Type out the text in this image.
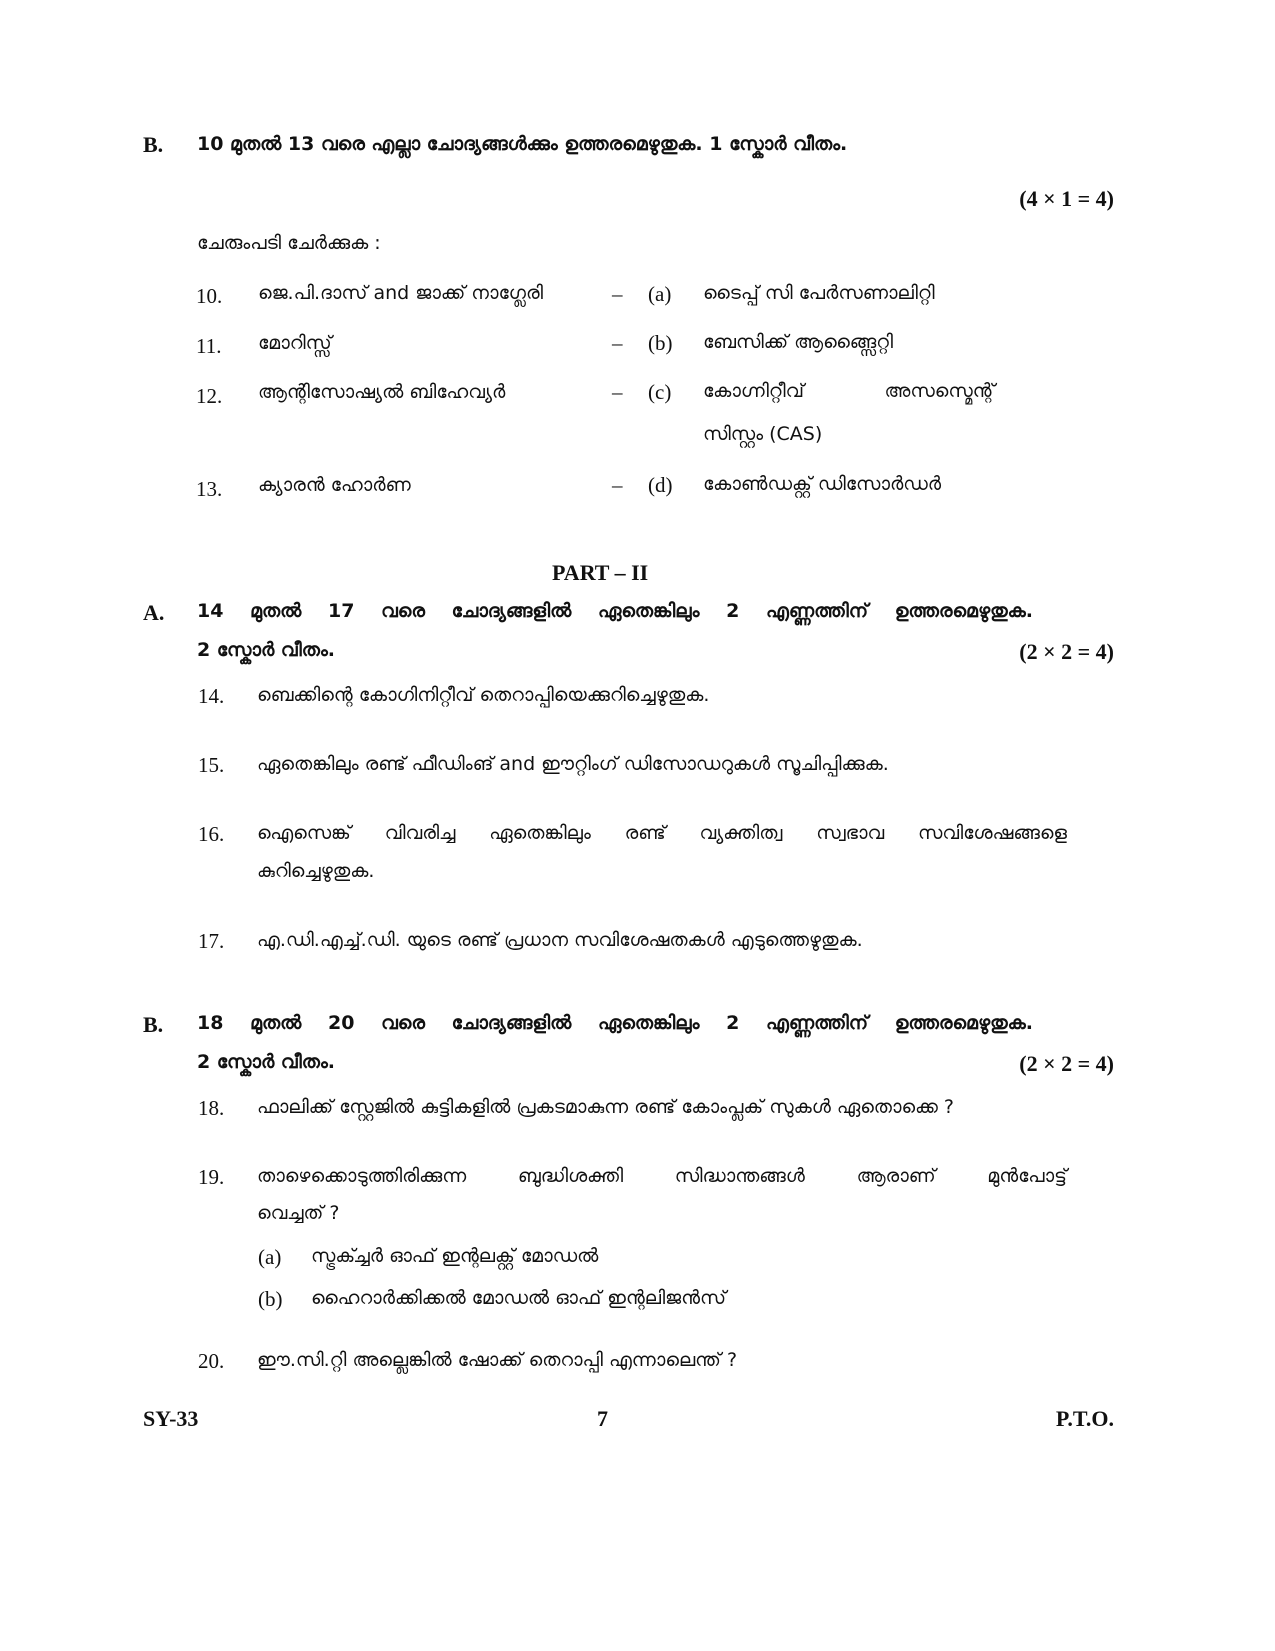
B. 10 മുതൽ 13 വരെ എല്ലാ ചോദ്യങ്ങൾക്കും ഉത്തരമെഴുതുക. 1 സ്കോർ വീതം.
(4 × 1 = 4)
ചേരുംപടി ചേർക്കുക :
10. ജെ.പി.ദാസ് and ജാക്ക് നാഗ്ലേരി	– (a) ടൈപ്പ് സി പേർസണാലിറ്റി
11. മോറിസ്സ്	– (b) ബേസിക്ക് ആങ്ങ്സൈറ്റി
12. ആന്റിസോഷ്യൽ ബിഹേവ്യർ	– (c) കോഗ്നിറ്റീവ് അസസ്മെന്റ്
സിസ്റ്റം (CAS)
13. ക്യാരൻ ഹോർണ	– (d) കോൺഡക്റ്റ് ഡിസോർഡർ
PART – II
A. 14 മുതൽ 17 വരെ ചോദ്യങ്ങളിൽ ഏതെങ്കിലും 2 എണ്ണത്തിന് ഉത്തരമെഴുതുക.
2 സ്കോർ വീതം.	(2 × 2 = 4)
14. ബെക്കിന്റെ കോഗിനിറ്റീവ് തെറാപ്പിയെക്കുറിച്ചെഴുതുക.
15. ഏതെങ്കിലും രണ്ട് ഫീഡിംങ് and ഈറ്റിംഗ് ഡിസോഡറുകൾ സൂചിപ്പിക്കുക.
16. ഐസെങ്ക് വിവരിച്ച ഏതെങ്കിലും രണ്ട് വ്യക്തിത്വ സ്വഭാവ സവിശേഷങ്ങളെ
കുറിച്ചെഴുതുക.
17. എ.ഡി.എച്ച്.ഡി. യുടെ രണ്ട് പ്രധാന സവിശേഷതകൾ എടുത്തെഴുതുക.
B. 18 മുതൽ 20 വരെ ചോദ്യങ്ങളിൽ ഏതെങ്കിലും 2 എണ്ണത്തിന് ഉത്തരമെഴുതുക.
2 സ്കോർ വീതം.	(2 × 2 = 4)
18. ഫാലിക്ക് സ്റ്റേജിൽ കുട്ടികളിൽ പ്രകടമാകുന്ന രണ്ട് കോംപ്ലക് സുകൾ ഏതൊക്കെ ?
19. താഴെക്കൊടുത്തിരിക്കുന്ന ബുദ്ധിശക്തി സിദ്ധാന്തങ്ങൾ ആരാണ് മുൻപോട്ട്
വെച്ചത് ?
(a) സ്ട്രക്ച്ചർ ഓഫ് ഇന്റലക്റ്റ് മോഡൽ
(b) ഹൈറാർക്കിക്കൽ മോഡൽ ഓഫ് ഇന്റലിജൻസ്
20. ഈ.സി.റ്റി അല്ലെങ്കിൽ ഷോക്ക് തെറാപ്പി എന്നാലെന്ത് ?
SY-33	7	P.T.O.
